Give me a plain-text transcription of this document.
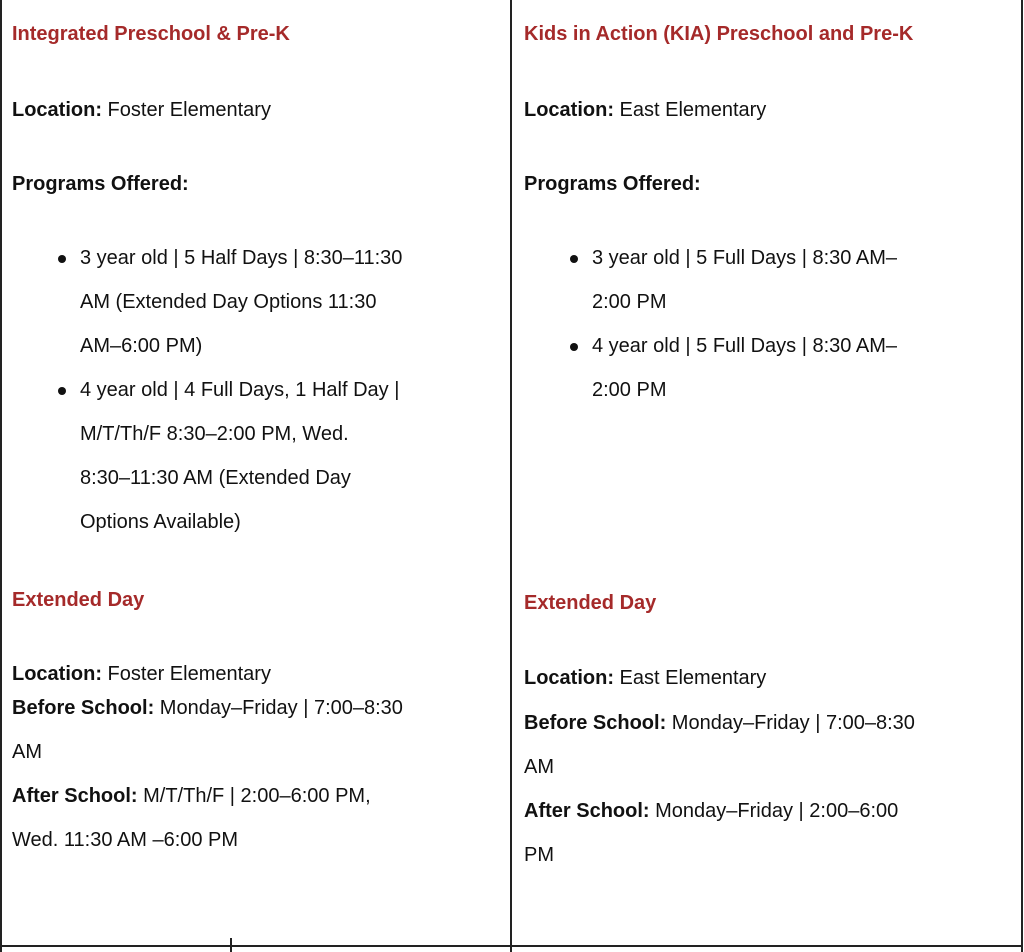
Integrated Preschool & Pre-K
Location: Foster Elementary
Programs Offered:
3 year old | 5 Half Days | 8:30–11:30
AM (Extended Day Options 11:30
AM–6:00 PM)
4 year old | 4 Full Days, 1 Half Day |
M/T/Th/F 8:30–2:00 PM, Wed.
8:30–11:30 AM (Extended Day
Options Available)
Extended Day
Location: Foster Elementary
Before School: Monday–Friday | 7:00–8:30
AM
After School: M/T/Th/F | 2:00–6:00 PM,
Wed. 11:30 AM –6:00 PM
Kids in Action (KIA) Preschool and Pre-K
Location: East Elementary
Programs Offered:
3 year old | 5 Full Days | 8:30 AM–
2:00 PM
4 year old | 5 Full Days | 8:30 AM–
2:00 PM
Extended Day
Location: East Elementary
Before School: Monday–Friday | 7:00–8:30
AM
After School: Monday–Friday | 2:00–6:00
PM
